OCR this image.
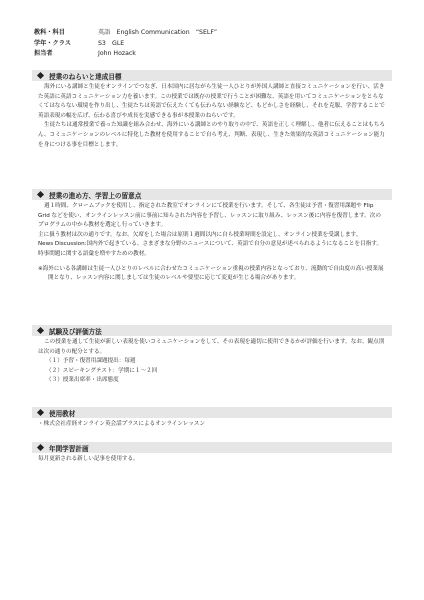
教科・科目	英語　English Communication　“SELF”
学年・クラス	S3　GLE
担当者	John Hozack
授業のねらいと達成目標

海外にいる講師と生徒をオンラインでつなぎ、日本国内に居ながら生徒一人ひとりが外国人講師と直接コミュニケーションを行い、活きた英語に英語コミュニケーション力を養います。この授業では既存の授業で行うことが困難な、英語を用いてコミュニケーションをとらなくてはならない環境を作り出し、生徒たちは英語で伝えたくても伝わらない経験など、もどかしさを経験し、それを克服、学習することで英語表現の幅を広げ、伝わる喜びや成長を実感できる事が本授業のねらいです。

生徒たちは通常授業で養った知識を組み合わせ、海外にいる講師とのやり取りの中で、英語を正しく理解し、他者に伝えることはもちろん、コミュニケーションのレベルに特化した教材を使用することで自ら考え、判断、表現し、生きた効果的な英語コミュニケーション能力を身につける事を目標とします。

授業の進め方、学習上の留意点

週１時間、クロームブックを使用し、指定された教室でオンラインにて授業を行います。そして、各生徒は予習・復習用課題や Flip Grid などを使い、オンラインレッスン前に事前に知らされた内容を予習し、レッスンに取り組み、レッスン後に内容を復習します。次のプログラムの中から教材を選定し行っていきます。

主に扱う教材は次の通りです。なお、欠席をした場合は原則１週間以内に自ら授業時間を設定し、オンライン授業を受講します。

News Discussion:国内外で起きている、さまざまな分野のニュースについて、英語で自分の意見が述べられるようになることを目指す。時事問題に関する語彙を増やすための教材。

※海外にいる各講師は生徒一人ひとりのレベルに合わせたコミュニケーション重視の授業内容となっており、流動的で自由度の高い授業展開となり、レッスン内容に関しましては生徒のレベルや要望に応じて変更が生じる場合があります。

試験及び評価方法

この授業を通して生徒が新しい表現を使いコミュニケーションをして、その表現を適切に使用できるかが評価を行います。なお、観点別は次の通りの配分とする。

（１）予習・復習用課題提出：毎週

（２）スピーキングテスト：学期に１～２回

（３）授業出席率・出席態度

使用教材

・株式会社産経オンライン英会話プラスによるオンラインレッスン

年間学習計画

毎月更新される新しい記事を使用する。
